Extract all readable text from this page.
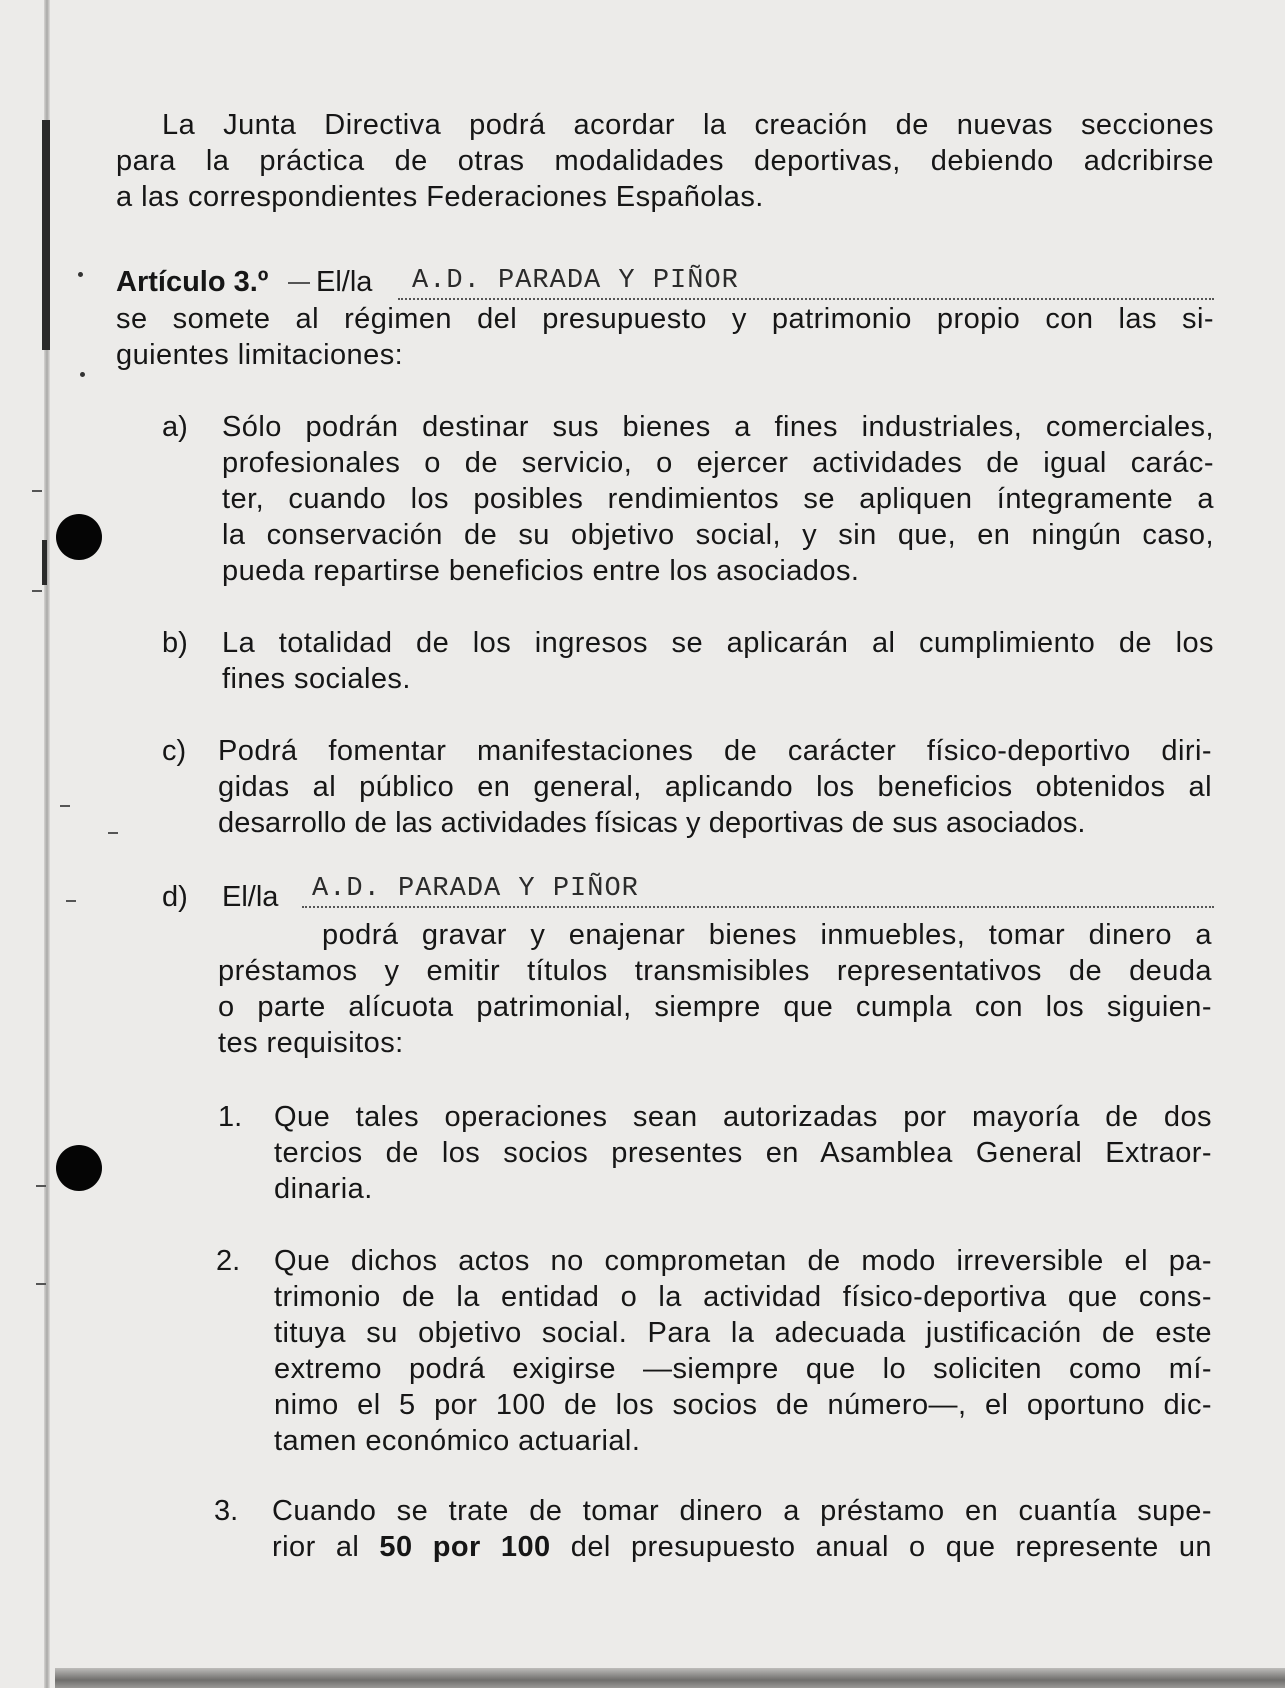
La Junta Directiva podrá acordar la creación de nuevas secciones

para la práctica de otras modalidades deportivas, debiendo adcribirse

a las correspondientes Federaciones Españolas.

Artículo 3.º El/la A.D. PARADA Y PIÑOR

se somete al régimen del presupuesto y patrimonio propio con las si-

guientes limitaciones:

a) Sólo podrán destinar sus bienes a fines industriales, comerciales,

profesionales o de servicio, o ejercer actividades de igual carác-

ter, cuando los posibles rendimientos se apliquen íntegramente a

la conservación de su objetivo social, y sin que, en ningún caso,

pueda repartirse beneficios entre los asociados.

b) La totalidad de los ingresos se aplicarán al cumplimiento de los

fines sociales.

c) Podrá fomentar manifestaciones de carácter físico-deportivo diri-

gidas al público en general, aplicando los beneficios obtenidos al

desarrollo de las actividades físicas y deportivas de sus asociados.

d) El/la A.D. PARADA Y PIÑOR

podrá gravar y enajenar bienes inmuebles, tomar dinero a

préstamos y emitir títulos transmisibles representativos de deuda

o parte alícuota patrimonial, siempre que cumpla con los siguien-

tes requisitos:

1. Que tales operaciones sean autorizadas por mayoría de dos

tercios de los socios presentes en Asamblea General Extraor-

dinaria.

2. Que dichos actos no comprometan de modo irreversible el pa-

trimonio de la entidad o la actividad físico-deportiva que cons-

tituya su objetivo social. Para la adecuada justificación de este

extremo podrá exigirse —siempre que lo soliciten como mí-

nimo el 5 por 100 de los socios de número—, el oportuno dic-

tamen económico actuarial.

3. Cuando se trate de tomar dinero a préstamo en cuantía supe-

rior al 50 por 100 del presupuesto anual o que represente un
